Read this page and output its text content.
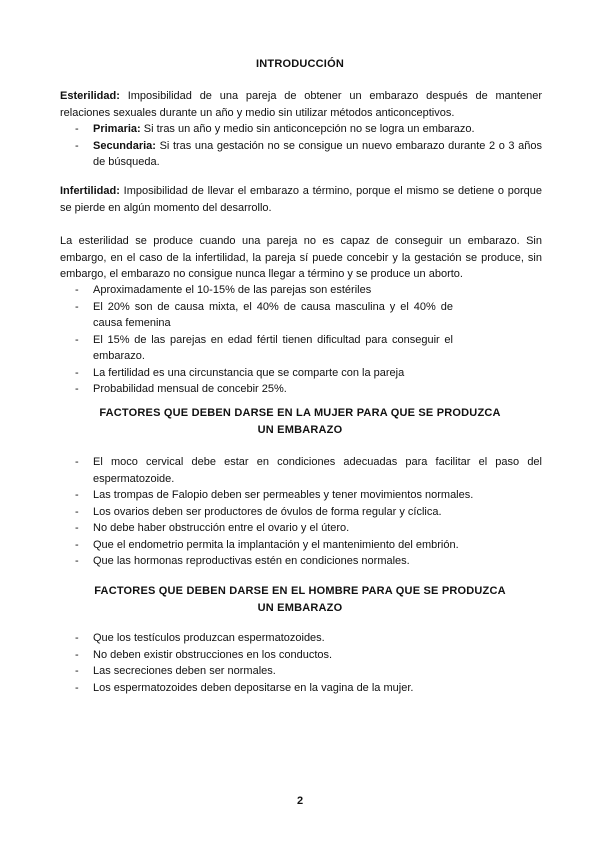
INTRODUCCIÓN

Esterilidad: Imposibilidad de una pareja de obtener un embarazo después de mantener relaciones sexuales durante un año y medio sin utilizar métodos anticonceptivos.

- Primaria: Si tras un año y medio sin anticoncepción no se logra un embarazo.
- Secundaria: Si tras una gestación no se consigue un nuevo embarazo durante 2 o 3 años de búsqueda.

Infertilidad: Imposibilidad de llevar el embarazo a término, porque el mismo se detiene o porque se pierde en algún momento del desarrollo.

La esterilidad se produce cuando una pareja no es capaz de conseguir un embarazo. Sin embargo, en el caso de la infertilidad, la pareja sí puede concebir y la gestación se produce, sin embargo, el embarazo no consigue nunca llegar a término y se produce un aborto.

- Aproximadamente el 10-15% de las parejas son estériles
- El 20% son de causa mixta, el 40% de causa masculina y el 40% de causa femenina
- El 15% de las parejas en edad fértil tienen dificultad para conseguir el embarazo.
- La fertilidad es una circunstancia que se comparte con la pareja
- Probabilidad mensual de concebir 25%.
FACTORES QUE DEBEN DARSE EN LA MUJER PARA QUE SE PRODUZCA
UN EMBARAZO
- El moco cervical debe estar en condiciones adecuadas para facilitar el paso del espermatozoide.
- Las trompas de Falopio deben ser permeables y tener movimientos normales.
- Los ovarios deben ser productores de óvulos de forma regular y cíclica.
- No debe haber obstrucción entre el ovario y el útero.
- Que el endometrio permita la implantación y el mantenimiento del embrión.
- Que las hormonas reproductivas estén en condiciones normales.
FACTORES QUE DEBEN DARSE EN EL HOMBRE PARA QUE SE PRODUZCA
UN EMBARAZO
- Que los testículos produzcan espermatozoides.
- No deben existir obstrucciones en los conductos.
- Las secreciones deben ser normales.
- Los espermatozoides deben depositarse en la vagina de la mujer.
2
